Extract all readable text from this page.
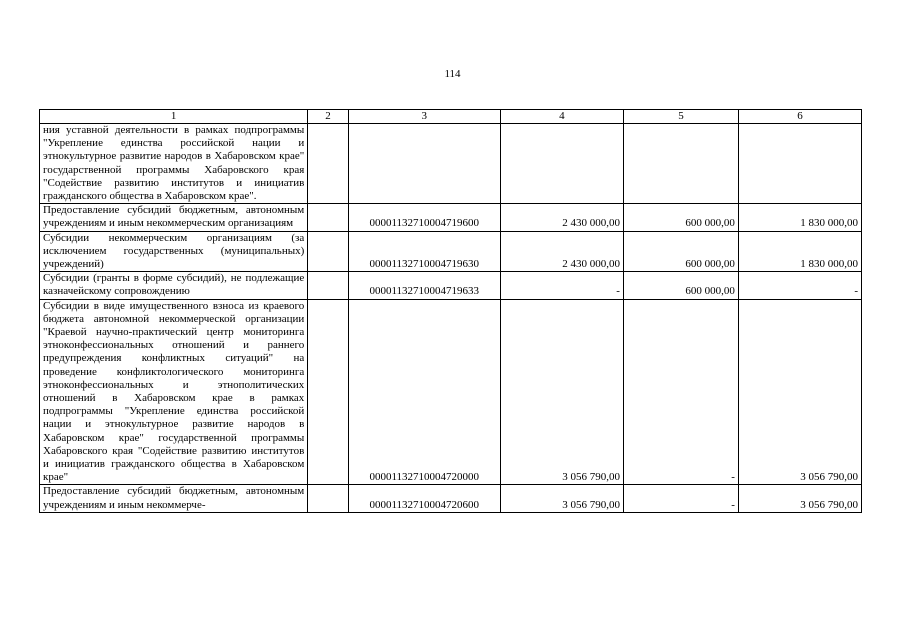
114
1	2	3	4	5	6
ния уставной деятельности в рамках подпрограммы "Укрепление единства российской нации и этнокультурное развитие народов в Хабаровском крае" государственной программы Хабаровского края "Содействие развитию институтов и инициатив гражданского общества в Хабаровском крае".					
Предоставление субсидий бюджетным, автономным учреждениям и иным некоммерческим организациям		00001132710004719600	2 430 000,00	600 000,00	1 830 000,00
Субсидии некоммерческим организациям (за исключением государственных (муниципальных) учреждений)		00001132710004719630	2 430 000,00	600 000,00	1 830 000,00
Субсидии (гранты в форме субсидий), не подлежащие казначейскому сопровождению		00001132710004719633	-	600 000,00	-
Субсидии в виде имущественного взноса из краевого бюджета автономной некоммерческой организации "Краевой научно-практический центр мониторинга этноконфессиональных отношений и раннего предупреждения конфликтных ситуаций" на проведение конфликтологического мониторинга этноконфессиональных и этнополитических отношений в Хабаровском крае в рамках подпрограммы "Укрепление единства российской нации и этнокультурное развитие народов в Хабаровском крае" государственной программы Хабаровского края "Содействие развитию институтов и инициатив гражданского общества в Хабаровском крае"		00001132710004720000	3 056 790,00	-	3 056 790,00
Предоставление субсидий бюджетным, автономным учреждениям и иным некоммерче-		00001132710004720600	3 056 790,00	-	3 056 790,00
